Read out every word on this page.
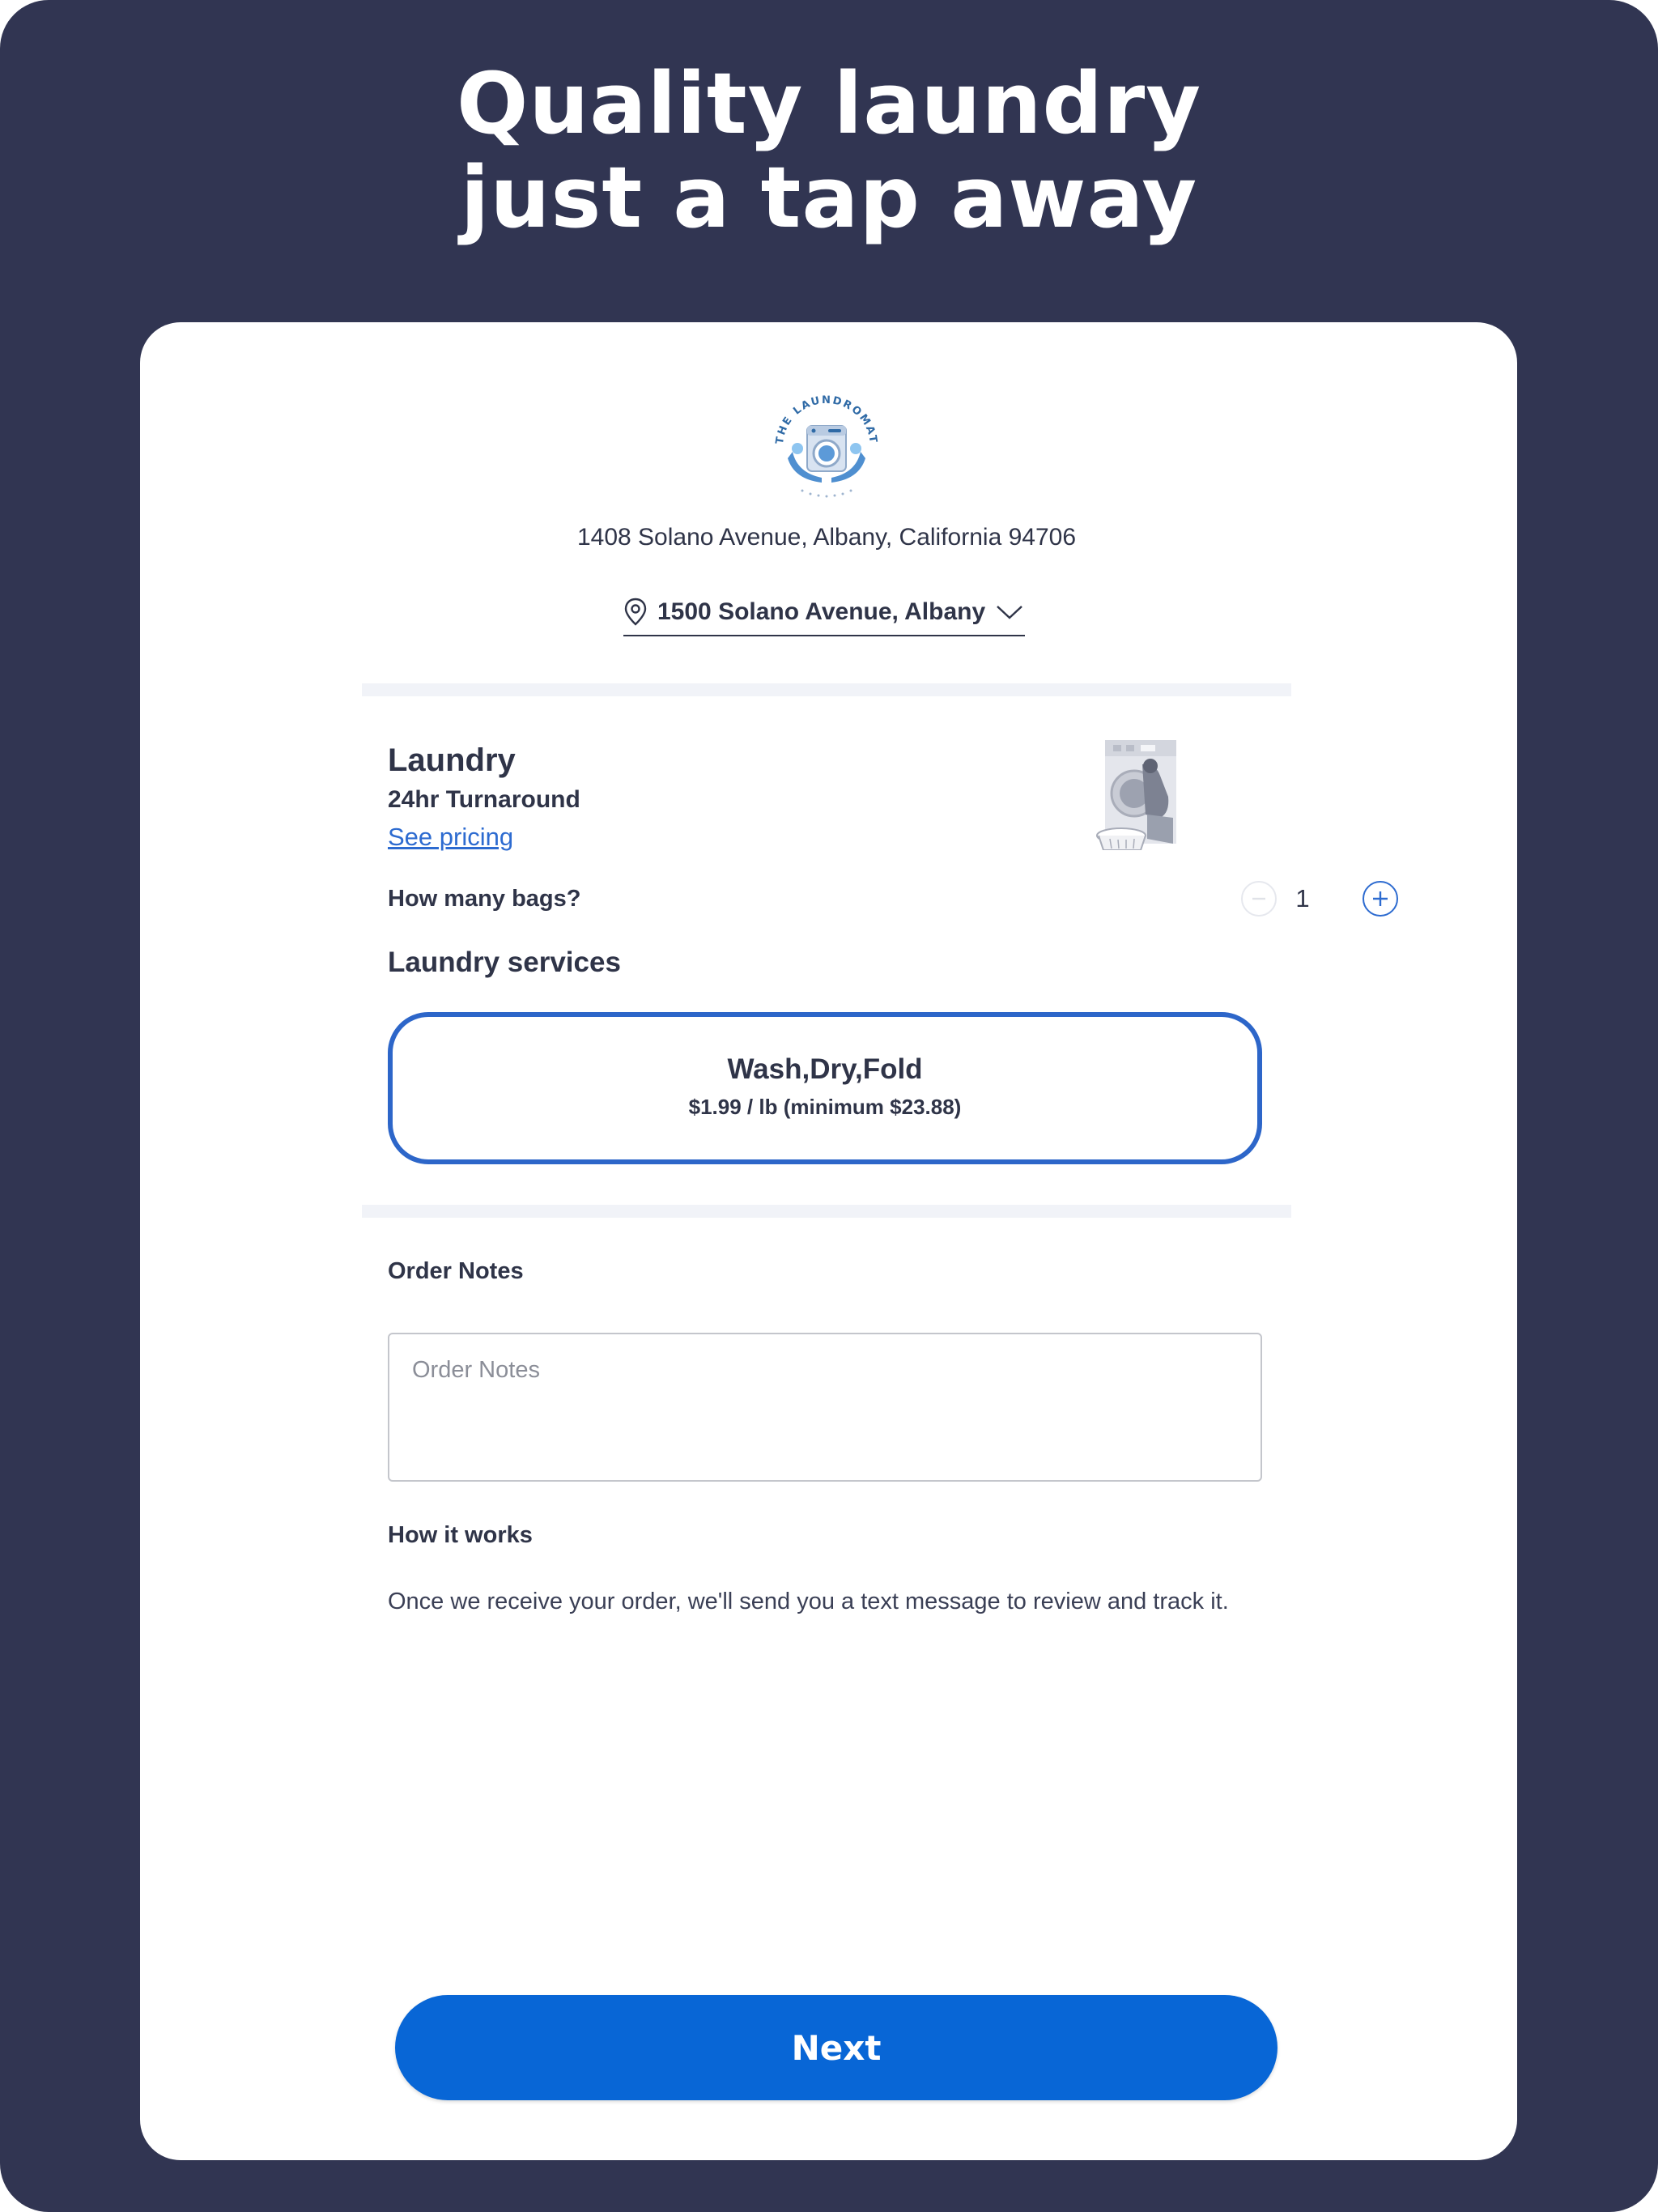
Quality laundry
just a tap away
THE LAUNDROMAT
1408 Solano Avenue, Albany, California 94706
1500 Solano Avenue, Albany
Laundry
24hr Turnaround
See pricing
How many bags?	1
Laundry services
Wash,Dry,Fold
$1.99 / lb (minimum $23.88)
Order Notes
Order Notes
How it works
Once we receive your order, we'll send you a text message to review and track it.
Next
